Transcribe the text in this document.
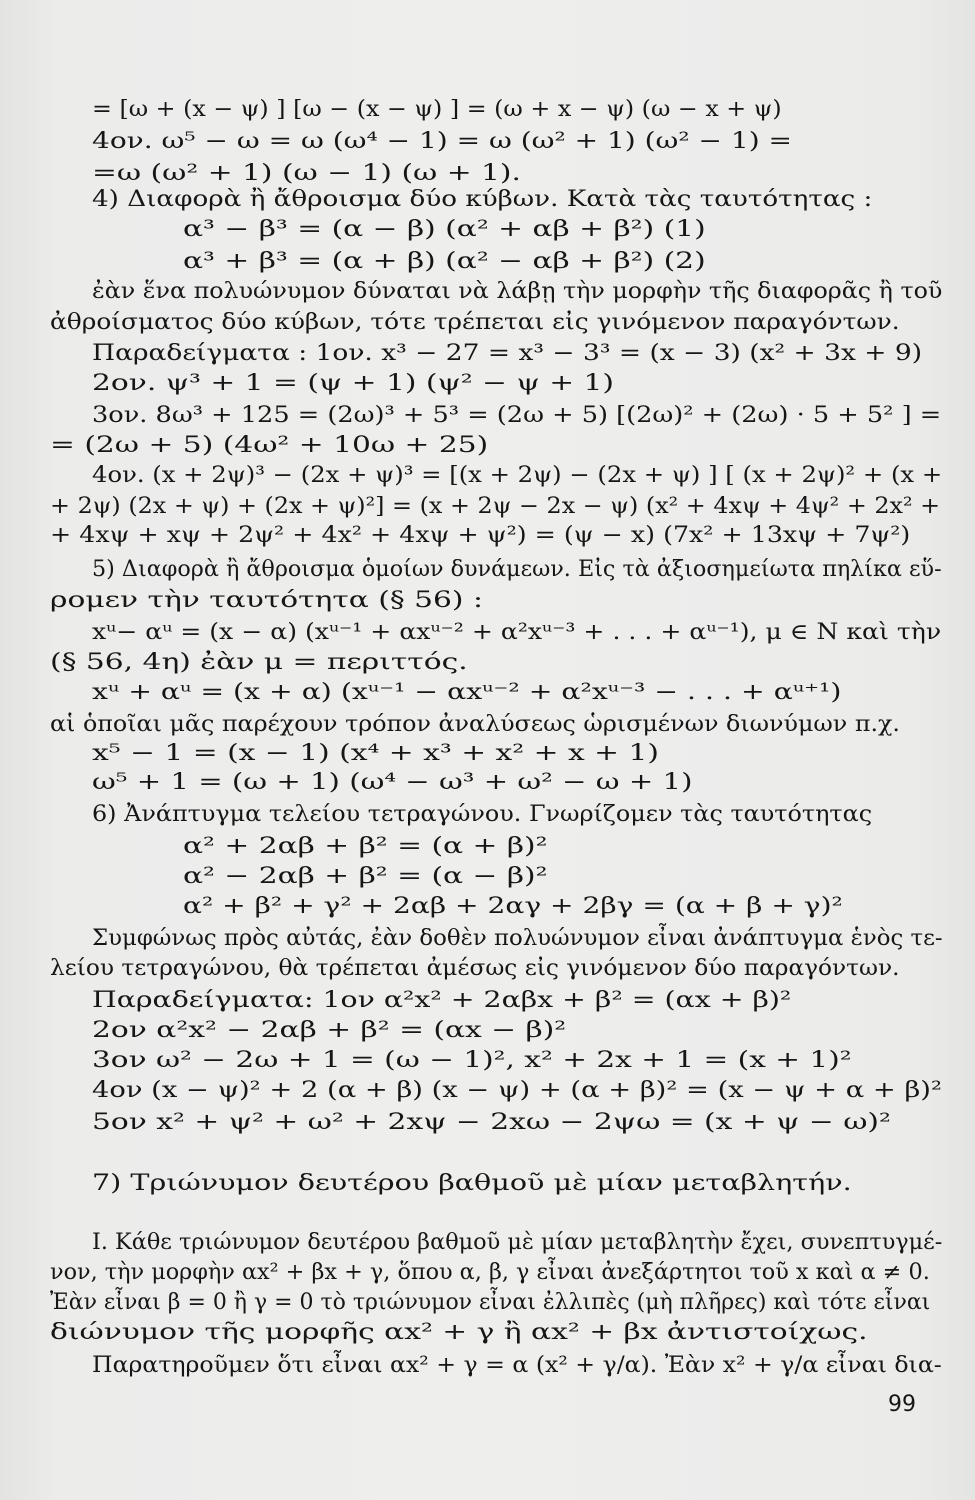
= [ω + (x − ψ) ] [ω − (x − ψ) ] = (ω + x − ψ) (ω − x + ψ)
4ον. ω⁵ − ω = ω (ω⁴ − 1) = ω (ω² + 1) (ω² − 1) =
=ω (ω² + 1) (ω − 1) (ω + 1).
4) Διαφορὰ ἢ ἄθροισμα δύο κύβων. Κατὰ τὰς ταυτότητας :
α³ − β³ = (α − β) (α² + αβ + β²) (1)
α³ + β³ = (α + β) (α² − αβ + β²) (2)
ἐὰν ἕνα πολυώνυμον δύναται νὰ λάβῃ τὴν μορφὴν τῆς διαφορᾶς ἢ τοῦ
ἀθροίσματος δύο κύβων, τότε τρέπεται εἰς γινόμενον παραγόντων.
Παραδείγματα : 1ον. x³ − 27 = x³ − 3³ = (x − 3) (x² + 3x + 9)
2ον. ψ³ + 1 = (ψ + 1) (ψ² − ψ + 1)
3ον. 8ω³ + 125 = (2ω)³ + 5³ = (2ω + 5) [(2ω)² + (2ω) · 5 + 5² ] =
= (2ω + 5) (4ω² + 10ω + 25)
4ον. (x + 2ψ)³ − (2x + ψ)³ = [(x + 2ψ) − (2x + ψ) ] [ (x + 2ψ)² + (x +
+ 2ψ) (2x + ψ) + (2x + ψ)²] = (x + 2ψ − 2x − ψ) (x² + 4xψ + 4ψ² + 2x² +
+ 4xψ + xψ + 2ψ² + 4x² + 4xψ + ψ²) = (ψ − x) (7x² + 13xψ + 7ψ²)
5) Διαφορὰ ἢ ἄθροισμα ὁμοίων δυνάμεων. Εἰς τὰ ἀξιοσημείωτα πηλίκα εὕ-
ρομεν τὴν ταυτότητα (§ 56) :
xᵘ− αᵘ = (x − α) (xᵘ⁻¹ + αxᵘ⁻² + α²xᵘ⁻³ + . . . + αᵘ⁻¹), μ ∈ N καὶ τὴν
(§ 56, 4η) ἐὰν μ = περιττός.
xᵘ + αᵘ = (x + α) (xᵘ⁻¹ − αxᵘ⁻² + α²xᵘ⁻³ − . . . + αᵘ⁺¹)
αἱ ὁποῖαι μᾶς παρέχουν τρόπον ἀναλύσεως ὡρισμένων διωνύμων π.χ.
x⁵ − 1 = (x − 1) (x⁴ + x³ + x² + x + 1)
ω⁵ + 1 = (ω + 1) (ω⁴ − ω³ + ω² − ω + 1)
6) Ἀνάπτυγμα τελείου τετραγώνου. Γνωρίζομεν τὰς ταυτότητας
α² + 2αβ + β² = (α + β)²
α² − 2αβ + β² = (α − β)²
α² + β² + γ² + 2αβ + 2αγ + 2βγ = (α + β + γ)²
Συμφώνως πρὸς αὐτάς, ἐὰν δοθὲν πολυώνυμον εἶναι ἀνάπτυγμα ἑνὸς τε-
λείου τετραγώνου, θὰ τρέπεται ἀμέσως εἰς γινόμενον δύο παραγόντων.
Παραδείγματα: 1ον α²x² + 2αβx + β² = (αx + β)²
2ον α²x² − 2αβ + β² = (αx − β)²
3ον ω² − 2ω + 1 = (ω − 1)², x² + 2x + 1 = (x + 1)²
4ον (x − ψ)² + 2 (α + β) (x − ψ) + (α + β)² = (x − ψ + α + β)²
5ον x² + ψ² + ω² + 2xψ − 2xω − 2ψω = (x + ψ − ω)²
7) Τριώνυμον δευτέρου βαθμοῦ μὲ μίαν μεταβλητήν.
I. Κάθε τριώνυμον δευτέρου βαθμοῦ μὲ μίαν μεταβλητὴν ἔχει, συνεπτυγμέ-
νον, τὴν μορφὴν αx² + βx + γ, ὅπου α, β, γ εἶναι ἀνεξάρτητοι τοῦ x καὶ α ≠ 0.
Ἐὰν εἶναι β = 0 ἢ γ = 0 τὸ τριώνυμον εἶναι ἐλλιπὲς (μὴ πλῆρες) καὶ τότε εἶναι
διώνυμον τῆς μορφῆς αx² + γ ἢ αx² + βx ἀντιστοίχως.
Παρατηροῦμεν ὅτι εἶναι αx² + γ = α (x² + γ/α). Ἐὰν x² + γ/α εἶναι δια-
99
